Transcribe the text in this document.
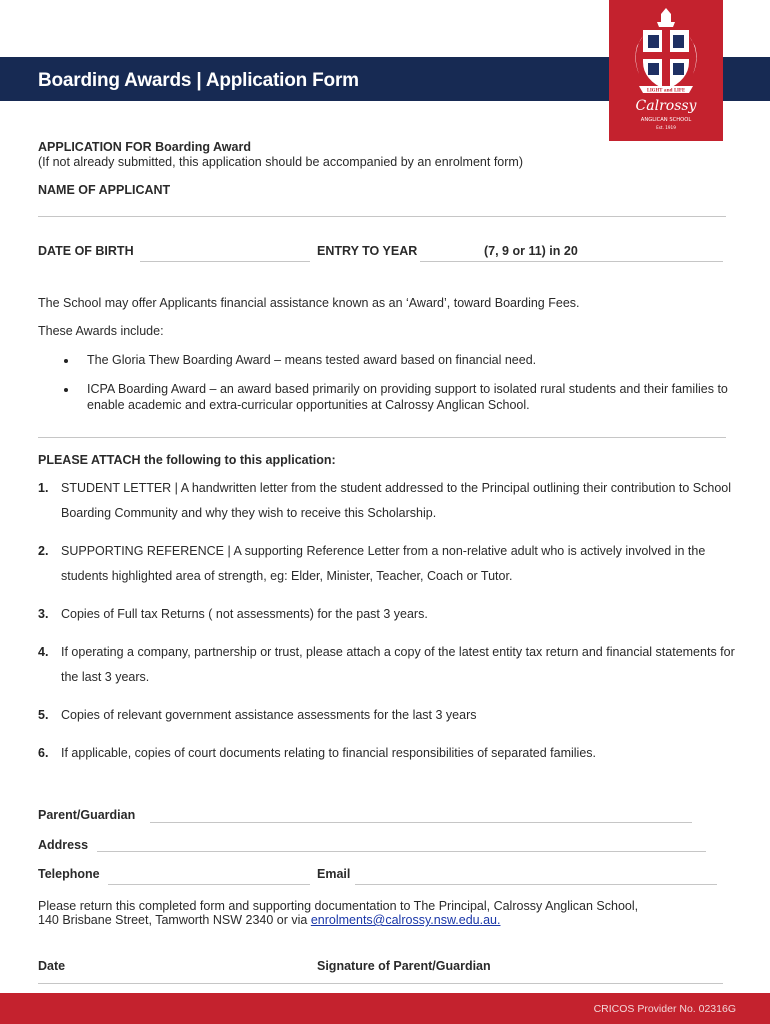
Boarding Awards | Application Form	LIGHT and LIFE
Calrossy
ANGLICAN SCHOOL
Est. 1919
APPLICATION FOR Boarding Award
(If not already submitted, this application should be accompanied by an enrolment form)
NAME OF APPLICANT
DATE OF BIRTH	ENTRY TO YEAR	(7, 9 or 11) in 20
The School may offer Applicants financial assistance known as an ‘Award’, toward Boarding Fees.
These Awards include:
The Gloria Thew Boarding Award – means tested award based on financial need.
ICPA Boarding Award – an award based primarily on providing support to isolated rural students and their families to
enable academic and extra-curricular opportunities at Calrossy Anglican School.
PLEASE ATTACH the following to this application:
1. STUDENT LETTER | A handwritten letter from the student addressed to the Principal outlining their contribution to School
Boarding Community and why they wish to receive this Scholarship.
2. SUPPORTING REFERENCE | A supporting Reference Letter from a non-relative adult who is actively involved in the
students highlighted area of strength, eg: Elder, Minister, Teacher, Coach or Tutor.
3. Copies of Full tax Returns ( not assessments) for the past 3 years.
4. If operating a company, partnership or trust, please attach a copy of the latest entity tax return and financial statements for
the last 3 years.
5. Copies of relevant government assistance assessments for the last 3 years
6. If applicable, copies of court documents relating to financial responsibilities of separated families.
Parent/Guardian
Address
Telephone	Email
Please return this completed form and supporting documentation to The Principal, Calrossy Anglican School,
140 Brisbane Street, Tamworth NSW 2340 or via enrolments@calrossy.nsw.edu.au.
Date	Signature of Parent/Guardian
CRICOS Provider No. 02316G
